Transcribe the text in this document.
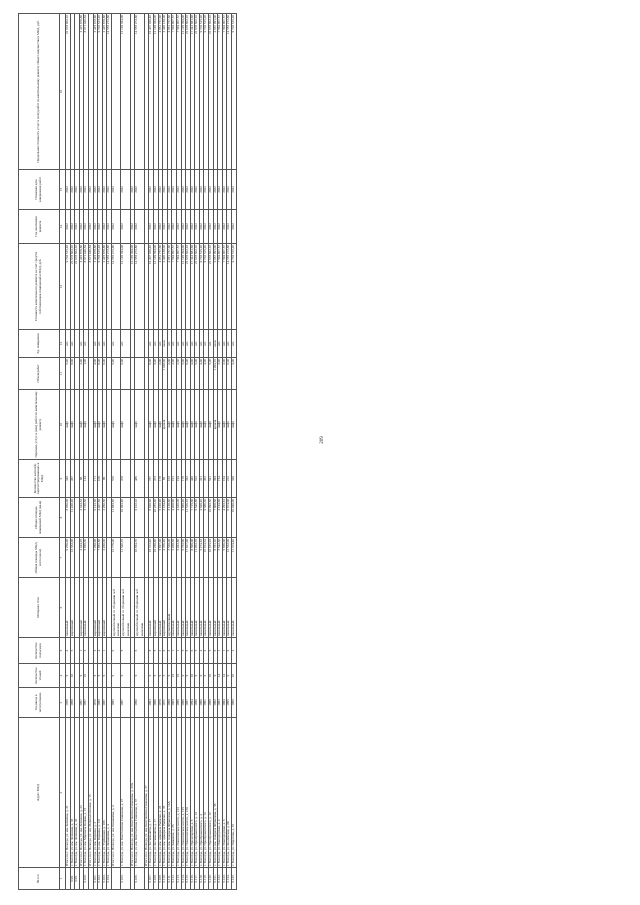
209
№ п/п	Адрес МКД	Год ввода в эксплуатацию	Количество этажей	Количество подъездов	Материал стен	Общая площадь МКД, всего (кв.м)	Общая площадь помещений МКД (кв.м)	Количество жителей, зарегистрированных в МКД	Перечень услуг и (или) работ по капитальному ремонту	Объем работ	Ед. измерения	Стоимость капитального ремонта за счет средств собственников помещений в МКД, руб.	Год окончания ремонта	Плановая дата завершения работ	Предельная стоимость услуг и (или) работ по капитальному ремонту общего имущества в МКД, руб.
1	2	3	4	5	6	7	8	9	10	11	12	13	14	15	16
	Итого по г. Вологда, ул. им. Зеленина, д. 31	1959	9	4	панельный	9 256,00	8 050,00	340	лифт	5,00	шт.	9 703 515,20	2022	2022	21 678 602,10
6.98.	г. Вологда, ул. им. Зеленина, д. 33	1999	10	5	кирпичный	13 352,00	11 420,20	457	лифт	8,00	шт.	21 678 602,10	2022	2022	
6.99.	г. Вологда, ул. им. Зеленина, д. 33											21 678 602,10	2022	2022	
	Итого по г. Вологда, ул. им. Зеленина, д. 33	1967	9	1	кирпичный	2 444,05	2 344,53	88	лифт	2,00	шт.	2 425 878,80	2022	2022	2 425 878,80
6.100.	г. Вологда, ул. им. Маршала Конева, д. 15	1997	10	2	панельный	5 859,30	5 730,30	134	лифт	1,00	шт.	8 671 440,84	2022	2022	8 671 440,84
	Итого по г. Вологда, ул. им. Маршала Конева, д. 15											8 671 440,84	2022	2022	
6.101.	г. Вологда, ул. им. Корнева, д. 3	1970	9	5	кирпичный	7 268,00	6 123,30	171	лифт	4,00	шт.	2 425 878,80	2022	2022	2 425 878,80
6.102.	г. Вологда, ул. им. Корнева, д. 131	1986	9	4	кирпичный	7 865,50	4 407,50	108	лифт	8,00	шт.	9 703 515,20	2022	2022	9 703 515,20
6.103.	г. Вологда, ул. Турбинная, д. 186	1987	9	1	кирпичный	2 450,00	2 260,50	96	лифт	6,00	шт.	2 425 878,80	2022	2022	2 425 878,80
6.104.	г. Вологда, ул. Конышева, д. 4											14 555 272,80	2022	2022	14 555 272,80
	Итого по г. Вологда, ул. им. Конышева, д. 4	1985	9	6	крупноблочный со сборными ж/б каналами	12 776,00	11 983,50	570	лифт	5,00	шт.	14 555 272,80	2022	2022	
6.105.	г. Вологда, ул. им. Константина Симонова, д. 27	1987	9	5	крупноблочный со сборными ж/б каналами	11 540,70	10 063,90	478	лифт	6,00	шт.	12 129 394,00	2022	2022	12 129 394,00
	Итого по г. Вологда, ул. им. Константина Симонова, д. 33А											12 129 394,00	2022	2022	
6.106.	г. Вологда, ул. им. Константина Симонова, д. 37	1990	9	6	крупноблочный со сборными ж/б каналами	10 654,70	6 102,10	486	лифт			14 555 272,80	2022	2022	14 555 272,80
	Итого по г. Вологда, ул. им. Константина Симонова, д. 37														
6.107.	г. Вологда, ул. Космонавтов, д. 17	1993	9	8	панельный	16 372,40	9 628,60	767	лифт	8,00	шт.	19 407 030,40	2022	2022	19 407 030,40
6.108.	г. Вологда, ул. Космонавтов, д. 17	1986	9	5	кирпичный	16 258,80	10 255,60	473	лифт	5,00	шт.	12 129 394,00	2022	2022	12 129 394,00
6.109.	г. Вологда, ул. им. адмирала Рыбалко, д. 23	1978	9	2	панельный	5 697,00	5 018,90	178	лифт	2,00	шт.	4 851 757,60	2022	2022	4 851 757,60
6.110.	г. Вологда, ул. им. адмирала Рыбалко, д. 35	1971	5	6	кирпичный	4 706,20	3 184,40	85	кровля	1 338,00	кв.м	2 420 138,00	2022	2022	2 420 138,00
6.111.	г. Вологда, ул. им. генерала Шумилова, д. 12А	1998	9	2	крупноблочный	3 538,00	3 138,60	102	лифт	2,00	шт.	4 851 757,60	2022	2022	4 851 757,60
6.112.	г. Вологда, ул. Камешек, д. 35	1983	16	1	панельный	5 458,30	4 408,90	191	лифт	2,00	шт.	7 594 907,57	2022	2022	7 594 907,57
6.113.	г. Вологда, ул. Пошехонское шоссе, д. 123	1986	16	1	панельный	5 463,80	4 420,00	194	лифт	2,00	шт.	7 594 907,57	2022	2022	7 594 907,57
6.114.	г. Вологда, ул. Пошехонское шоссе, д. 125	1996	9	5	панельный	9 763,90	5 869,20	179	лифт	5,00	шт.	12 129 394,00	2022	2022	12 129 394,00
6.115.	г. Вологда, ул. Пошехонское шоссе, д. 139	1987	9	6	панельный	17 817,00	11 516,10	352	лифт	9,00	шт.	21 678 602,10	2022	2022	21 678 602,10
6.116.	г. Вологда, ул. Пролетарская, д. 6	1994	10	6	панельный	8 696,00	7 715,60	446	лифт	4,00	шт.	17 342 881,68	2022	2022	17 342 881,68
6.117.	г. Вологда, ул. Преображенского, д. 14	1990	9	5	панельный	11 053,70	9 646,50	512	лифт	5,00	шт.	21 678 602,10	2022	2022	21 678 602,10
6.118.	г. Вологда, ул. Преображенского, д. 4	1990	9	4	панельный	5 274,62	4 948,40	411	лифт	4,00	шт.	9 703 515,20	2022	2022	9 703 515,20
6.119.	г. Вологда, ул. Преображенского, д. 10	1991	9	4	панельный	10 914,32	9 586,30	452	лифт	4,00	шт.	9 703 515,20	2022	2022	9 703 515,20
6.120.	г. Вологда, ул. Преображенского, д. 12	1989	10	5	панельный	10 815,92	10 092,50	521	лифт	5,00	шт.	21 678 602,10	2022	2022	21 678 602,10
6.121.	г. Вологда, ул. им. генерала Шумилова, д. 58	1982	9	6	панельный	8 781,10	7 808,60	394	кровля	1 494,16	кв.м	2 657 091,00	2022	2022	2 657 091,00
6.122.	г. Вологда, ул. Новгородская, д. 4	1983	14	1	панельный	5 542,30	4 194,60	154	лифт	2,00	шт.	7 594 907,57	2022	2022	7 594 907,57
6.123.	г. Вологда, ул. Новгородская, д. 6	1984	14	1	панельный	5 656,00	4 293,61	164	лифт	2,00	шт.	7 594 907,57	2022	2022	7 594 907,57
6.124.	г. Вологда, ул. Козлёнская, д. 8Б	1995	9	6	панельный	12 552,00	9 874,00	212	лифт	6,00	шт.	14 555 272,80	2022	2022	14 555 272,80
6.125.	г. Вологда, ул. Пирогова, д. 10	1999	10	4	панельный	11 374,40	10 040,00	348	лифт	4,00	шт.	9 703 515,20	2022	2022	9 703 515,20
